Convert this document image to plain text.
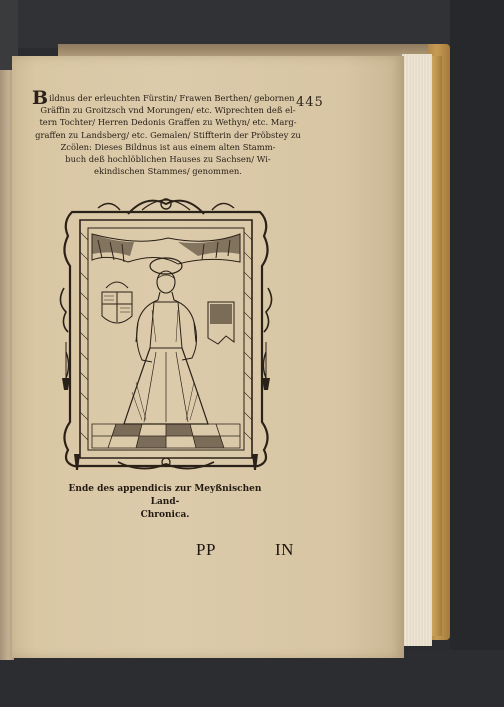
Bildnus der erleuchten Fürstin/ Frawen Berthen/ gebornen
Gräffin zu Groitzsch vnd Morungen/ etc. Wiprechten deß el-
tern Tochter/ Herren Dedonis Graffen zu Wethyn/ etc. Marg-
graffen zu Landsberg/ etc. Gemalen/ Stiffterin der Pröbstey zu
Zcölen: Dieses Bildnus ist aus einem alten Stamm-
buch deß hochlöblichen Hauses zu Sachsen/ Wi-
ekindischen Stammes/ genommen.
445
Ende des appendicis zur Meyßnischen Land-
Chronica.
PP	IN
